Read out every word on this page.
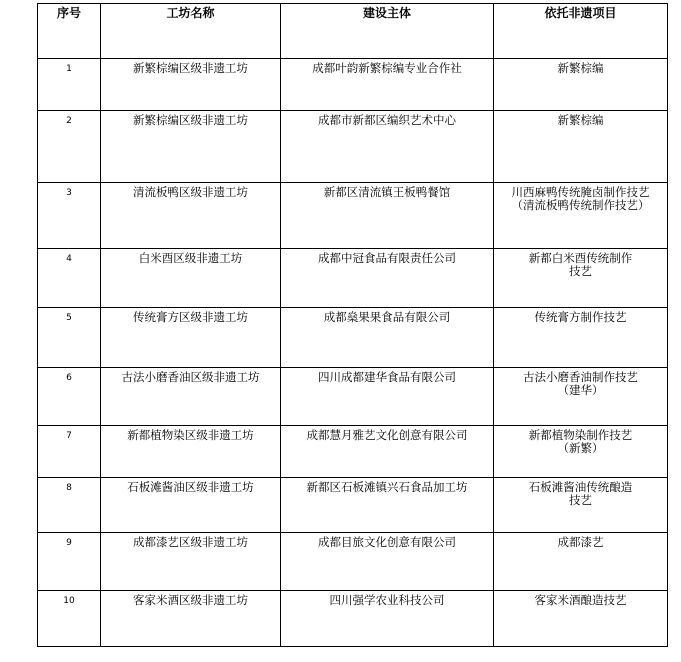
序号	工坊名称	建设主体	依托非遗项目
1	新繁棕编区级非遗工坊	成都叶韵新繁棕编专业合作社	新繁棕编

2	新繁棕编区级非遗工坊	成都市新都区编织艺术中心	新繁棕编

3	清流板鸭区级非遗工坊	新都区清流镇王板鸭餐馆	川西麻鸭传统腌卤制作技艺
（清流板鸭传统制作技艺）

4	白米酉区级非遗工坊	成都中冠食品有限责任公司	新都白米酉传统制作
技艺

5	传统膏方区级非遗工坊	成都燊果果食品有限公司	传统膏方制作技艺

6	古法小磨香油区级非遗工坊	四川成都建华食品有限公司	古法小磨香油制作技艺
（建华）

7	新都植物染区级非遗工坊	成都慧月雅艺文化创意有限公司	新都植物染制作技艺
（新繁）

8	石板滩酱油区级非遗工坊	新都区石板滩镇兴石食品加工坊	石板滩酱油传统酿造
技艺

9	成都漆艺区级非遗工坊	成都目旅文化创意有限公司	成都漆艺

10	客家米酒区级非遗工坊	四川强学农业科技公司	客家米酒酿造技艺
